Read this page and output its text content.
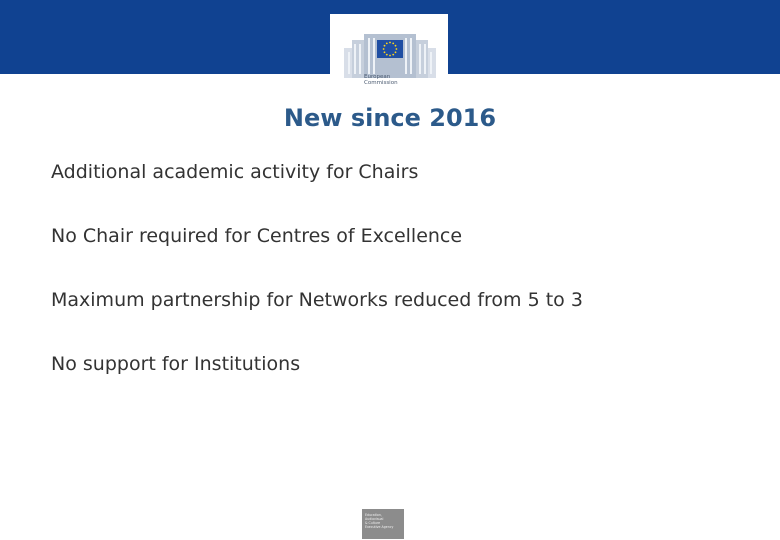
European
Commission
New since 2016
Additional academic activity for Chairs
No Chair required for Centres of Excellence
Maximum partnership for Networks reduced from 5 to 3
No support for Institutions
Education,
Audiovisual
& Culture
Executive Agency
